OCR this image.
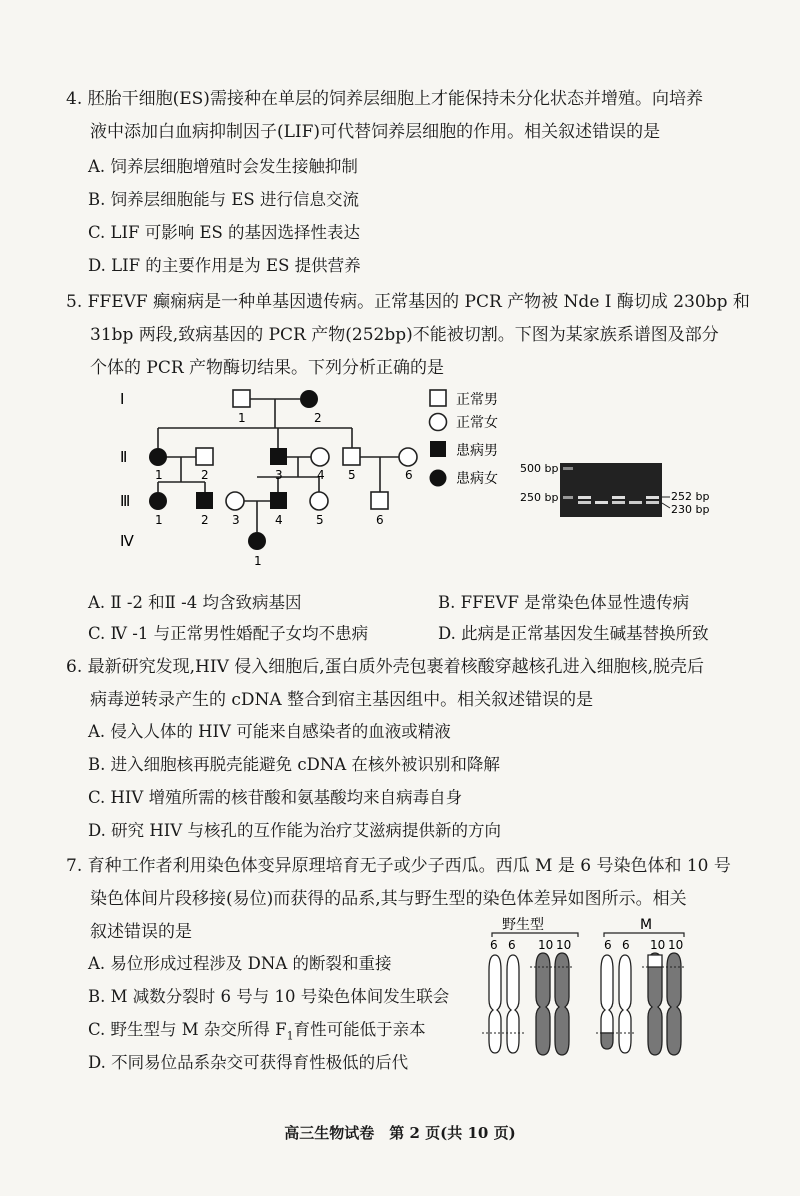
4. 胚胎干细胞(ES)需接种在单层的饲养层细胞上才能保持未分化状态并增殖。向培养
液中添加白血病抑制因子(LIF)可代替饲养层细胞的作用。相关叙述错误的是
A. 饲养层细胞增殖时会发生接触抑制
B. 饲养层细胞能与 ES 进行信息交流
C. LIF 可影响 ES 的基因选择性表达
D. LIF 的主要作用是为 ES 提供营养
5. FFEVF 癫痫病是一种单基因遗传病。正常基因的 PCR 产物被 Nde Ⅰ 酶切成 230bp 和
31bp 两段,致病基因的 PCR 产物(252bp)不能被切割。下图为某家族系谱图及部分
个体的 PCR 产物酶切结果。下列分析正确的是
Ⅰ
Ⅱ
Ⅲ
Ⅳ
1	2
1	2	3	4 5	6
1	2 3	4	5	6
1
正常男
正常女
患病男
患病女
500 bp
250 bp	252 bp
230 bp
A. Ⅱ -2 和Ⅱ -4 均含致病基因	B. FFEVF 是常染色体显性遗传病
C. Ⅳ -1 与正常男性婚配子女均不患病	D. 此病是正常基因发生碱基替换所致
6. 最新研究发现,HIV 侵入细胞后,蛋白质外壳包裹着核酸穿越核孔进入细胞核,脱壳后
病毒逆转录产生的 cDNA 整合到宿主基因组中。相关叙述错误的是
A. 侵入人体的 HIV 可能来自感染者的血液或精液
B. 进入细胞核再脱壳能避免 cDNA 在核外被识别和降解
C. HIV 增殖所需的核苷酸和氨基酸均来自病毒自身
D. 研究 HIV 与核孔的互作能为治疗艾滋病提供新的方向
7. 育种工作者利用染色体变异原理培育无子或少子西瓜。西瓜 M 是 6 号染色体和 10 号
染色体间片段移接(易位)而获得的品系,其与野生型的染色体差异如图所示。相关
叙述错误的是
A. 易位形成过程涉及 DNA 的断裂和重接
B. M 减数分裂时 6 号与 10 号染色体间发生联会
C. 野生型与 M 杂交所得 $F_1$育性可能低于亲本
D. 不同易位品系杂交可获得育性极低的后代
野生型	M
6 6 10 10	6 6 10 10
高三生物试卷　第 2 页(共 10 页)
